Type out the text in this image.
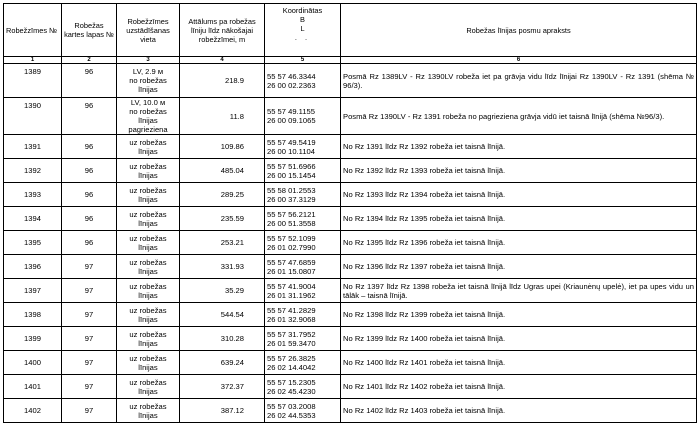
Robežzīmes №	Robežas kartes lapas №	Robežzīmes uzstādīšanas vieta	Attālums pa robežas līniju līdz nākošajai robežzīmei, m	Koordinātas
B
L
. .	Robežas līnijas posmu apraksts
1	2	3	4	5	6
1389	96	LV, 2.9 м
no robežas
līnijas	218.9	55 57 46.3344
26 00 02.2363	Posmā Rz 1389LV - Rz 1390LV robeža iet pa grāvja vidu līdz līnijai Rz 1390LV - Rz 1391 (shēma № 96/3).
1390	96	LV, 10.0 м
no robežas
līnijas
pagrieziena	11.8	55 57 49.1155
26 00 09.1065	Posmā Rz 1390LV - Rz 1391 robeža no pagrieziena grāvja vidū iet taisnā līnijā (shēma №96/3).
1391	96	uz robežas
līnijas	109.86	55 57 49.5419
26 00 10.1104	No Rz 1391 līdz Rz 1392 robeža iet taisnā līnijā.
1392	96	uz robežas
līnijas	485.04	55 57 51.6966
26 00 15.1454	No Rz 1392 līdz Rz 1393 robeža iet taisnā līnijā.
1393	96	uz robežas
līnijas	289.25	55 58 01.2553
26 00 37.3129	No Rz 1393 līdz Rz 1394 robeža iet taisnā līnijā.
1394	96	uz robežas
līnijas	235.59	55 57 56.2121
26 00 51.3558	No Rz 1394 līdz Rz 1395 robeža iet taisnā līnijā.
1395	96	uz robežas
līnijas	253.21	55 57 52.1099
26 01 02.7990	No Rz 1395 līdz Rz 1396 robeža iet taisnā līnijā.
1396	97	uz robežas
līnijas	331.93	55 57 47.6859
26 01 15.0807	No Rz 1396 līdz Rz 1397 robeža iet taisnā līnijā.
1397	97	uz robežas
līnijas	35.29	55 57 41.9004
26 01 31.1962	No Rz 1397 līdz Rz 1398 robeža iet taisnā līnijā līdz Ugras upei (Kriaunėnų upelė), iet pa upes vidu un tālāk – taisnā līnijā.
1398	97	uz robežas
līnijas	544.54	55 57 41.2829
26 01 32.9068	No Rz 1398 līdz Rz 1399 robeža iet taisnā līnijā.
1399	97	uz robežas
līnijas	310.28	55 57 31.7952
26 01 59.3470	No Rz 1399 līdz Rz 1400 robeža iet taisnā līnijā.
1400	97	uz robežas
līnijas	639.24	55 57 26.3825
26 02 14.4042	No Rz 1400 līdz Rz 1401 robeža iet taisnā līnijā.
1401	97	uz robežas
līnijas	372.37	55 57 15.2305
26 02 45.4230	No Rz 1401 līdz Rz 1402 robeža iet taisnā līnijā.
1402	97	uz robežas
līnijas	387.12	55 57 03.2008
26 02 44.5353	No Rz 1402 līdz Rz 1403 robeža iet taisnā līnijā.
